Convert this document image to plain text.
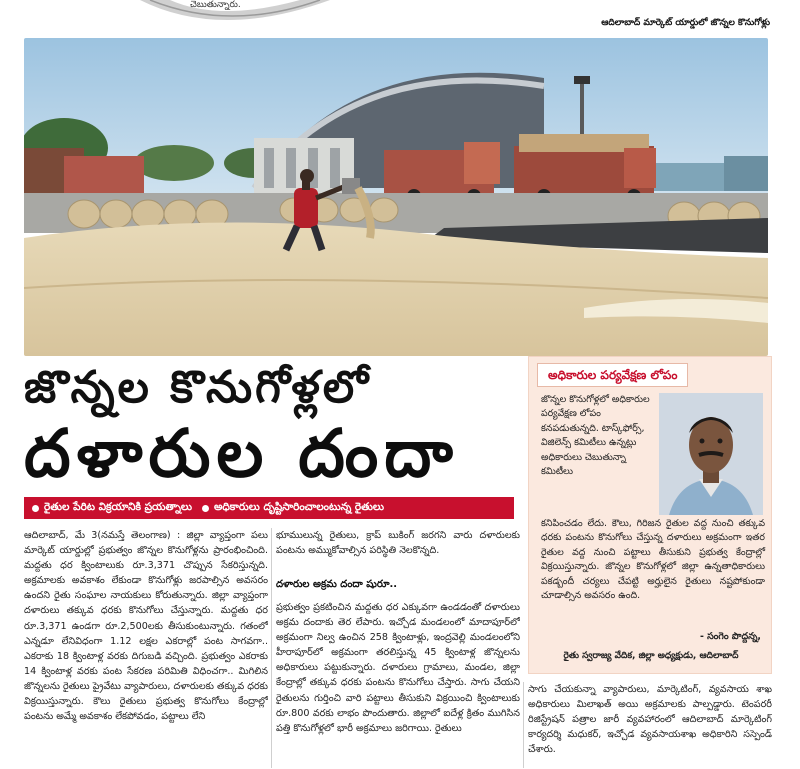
చెబుతున్నారు.
ఆదిలాబాద్ మార్కెట్ యార్డులో జొన్నల కొనుగోళ్లు
జొన్నల కొనుగోళ్లలో
దళారుల దందా
రైతుల పేరిట విక్రయానికి ప్రయత్నాలు అధికారులు దృష్టిసారించాలంటున్న రైతులు
ఆదిలాబాద్, మే 3(నమస్తే తెలంగాణ) : జిల్లా వ్యాప్తంగా పలు మార్కెట్ యార్డుల్లో ప్రభుత్వం జొన్నల కొనుగోళ్లను ప్రారంభించింది. మద్దతు ధర క్వింటాలుకు రూ.3,371 చొప్పున సేకరిస్తున్నది. అక్రమాలకు అవకాశం లేకుండా కొనుగోళ్లు జరపాల్సిన అవసరం ఉందని రైతు సంఘాల నాయకులు కోరుతున్నారు. జిల్లా వ్యాప్తంగా దళారులు తక్కువ ధరకు కొనుగోలు చేస్తున్నారు. మద్దతు ధర రూ.3,371 ఉండగా రూ.2,500లకు తీసుకుంటున్నారు. గతంలో ఎన్నడూ లేనివిధంగా 1.12 లక్షల ఎకరాల్లో పంట సాగవగా.. ఎకరాకు 18 క్వింటాళ్ల వరకు దిగుబడి వచ్చింది. ప్రభుత్వం ఎకరాకు 14 క్వింటాళ్ల వరకు పంట సేకరణ పరిమితి విధించగా.. మిగిలిన జొన్నలను రైతులు ప్రైవేటు వ్యాపారులు, దళారులకు తక్కువ ధరకు విక్రయిస్తున్నారు. కౌలు రైతులు ప్రభుత్వ కొనుగోలు కేంద్రాల్లో పంటను అమ్మే అవకాశం లేకపోవడం, పట్టాలు లేని
భూములున్న రైతులు, క్రాప్ బుకింగ్ జరగని వారు దళారులకు పంటను అమ్ముకోవాల్సిన పరిస్థితి నెలకొన్నది.
దళారుల అక్రమ దందా షురూ..
ప్రభుత్వం ప్రకటించిన మద్దతు ధర ఎక్కువగా ఉండడంతో దళారులు అక్రమ దందాకు తెర లేపారు. ఇచ్చోడ మండలంలో మాదాపూర్‌లో అక్రమంగా నిల్వ ఉంచిన 258 క్వింటాళ్లు, ఇంద్రవెల్లి మండలంలోని హీరాపూర్‌లో అక్రమంగా తరలిస్తున్న 45 క్వింటాళ్ల జొన్నలను అధికారులు పట్టుకున్నారు. దళారులు గ్రామాలు, మండల, జిల్లా కేంద్రాల్లో తక్కువ ధరకు పంటను కొనుగోలు చేస్తారు. సాగు చేయని రైతులను గుర్తించి వారి పట్టాలు తీసుకుని విక్రయించి క్వింటాలుకు రూ.800 వరకు లాభం పొందుతారు. జిల్లాలో ఐదేళ్ల క్రితం ముగిసిన పత్తి కొనుగోళ్లలో భారీ అక్రమాలు జరిగాయి. రైతులు
సాగు చేయకున్నా వ్యాపారులు, మార్కెటింగ్, వ్యవసాయ శాఖ అధికారులు మిలాఖత్ అయి అక్రమాలకు పాల్పడ్డారు. టెంపరరీ రిజిస్ట్రేషన్ పత్రాల జారీ వ్యవహారంలో ఆదిలాబాద్ మార్కెటింగ్ కార్యదర్శి మధుకర్, ఇచ్చోడ వ్యవసాయశాఖ అధికారిని సస్పెండ్ చేశారు.
అధికారుల పర్యవేక్షణ లోపం
జొన్నల కొనుగోళ్లలో అధికారుల పర్యవేక్షణ లోపం కనపడుతున్నది. టాస్క్‌ఫోర్స్, విజిలెన్స్ కమిటీలు ఉన్నట్లు అధికారులు చెబుతున్నా కమిటీలు
కనిపించడం లేదు. కౌలు, గిరిజన రైతుల వద్ద నుంచి తక్కువ ధరకు పంటను కొనుగోలు చేస్తున్న దళారులు అక్రమంగా ఇతర రైతుల వద్ద నుంచి పట్టాలు తీసుకుని ప్రభుత్వ కేంద్రాల్లో విక్రయిస్తున్నారు. జొన్నల కొనుగోళ్లలో జిల్లా ఉన్నతాధికారులు పకడ్బందీ చర్యలు చేపట్టి అర్హులైన రైతులు నష్టపోకుండా చూడాల్సిన అవసరం ఉంది.
- సంగెం పొద్దన్న,
రైతు స్వరాజ్య వేదిక, జిల్లా అధ్యక్షుడు, ఆదిలాబాద్
